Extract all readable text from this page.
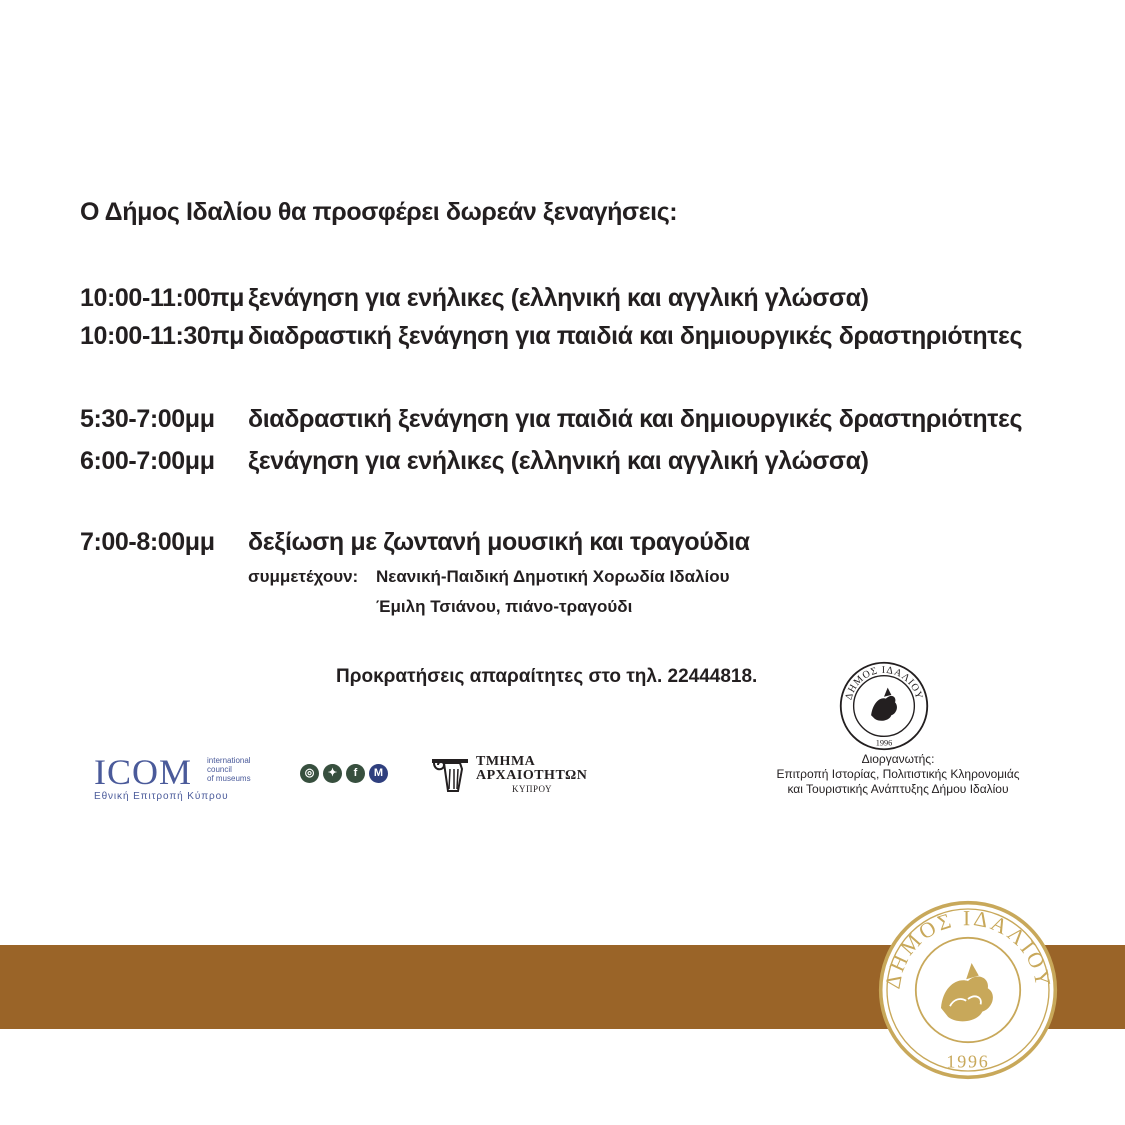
Ο Δήμος Ιδαλίου θα προσφέρει δωρεάν ξεναγήσεις:
10:00-11:00πμ ξενάγηση για ενήλικες (ελληνική και αγγλική γλώσσα)
10:00-11:30πμ διαδραστική ξενάγηση για παιδιά και δημιουργικές δραστηριότητες
5:30-7:00μμ διαδραστική ξενάγηση για παιδιά και δημιουργικές δραστηριότητες
6:00-7:00μμ ξενάγηση για ενήλικες (ελληνική και αγγλική γλώσσα)
7:00-8:00μμ δεξίωση με ζωντανή μουσική και τραγούδια
συμμετέχουν: Νεανική-Παιδική Δημοτική Χορωδία Ιδαλίου
Έμιλη Τσιάνου, πιάνο-τραγούδι
Προκρατήσεις απαραίτητες στο τηλ. 22444818.
ΔΗΜΟΣ ΙΔΑΛΙΟΥ
1996
Διοργανωτής:
Επιτροπή Ιστορίας, Πολιτιστικής Κληρονομιάς
και Τουριστικής Ανάπτυξης Δήμου Ιδαλίου
ICOM international
council
of museums
Εθνική Επιτροπή Κύπρου
◎	✦	f	M
ΤΜΗΜΑ
ΑΡΧΑΙΟΤΗΤΩΝ
ΚΥΠΡΟΥ
ΔΗΜΟΣ ΙΔΑΛΙΟΥ
1996
